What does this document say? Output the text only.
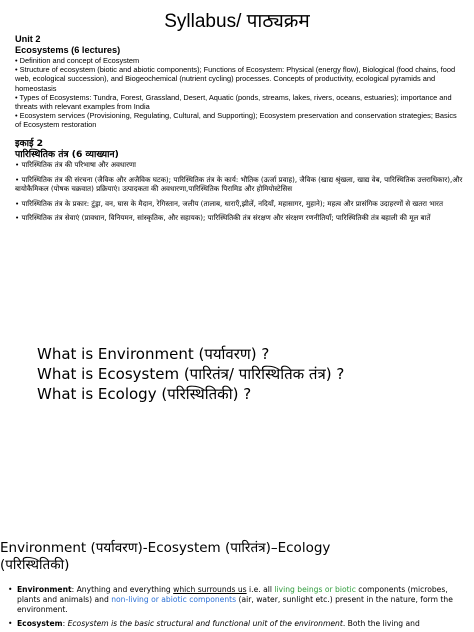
Syllabus/ पाठ्यक्रम

Unit 2

Ecosystems (6 lectures)

• Definition and concept of Ecosystem

• Structure of ecosystem (biotic and abiotic components); Functions of Ecosystem: Physical (energy flow), Biological (food chains, food web, ecological succession), and Biogeochemical (nutrient cycling) processes. Concepts of productivity, ecological pyramids and homeostasis

• Types of Ecosystems: Tundra, Forest, Grassland, Desert, Aquatic (ponds, streams, lakes, rivers, oceans, estuaries); importance and threats with relevant examples from India

• Ecosystem services (Provisioning, Regulating, Cultural, and Supporting); Ecosystem preservation and conservation strategies; Basics of Ecosystem restoration

इकाई 2

पारिस्थितिक तंत्र (6 व्याख्यान)

• पारिस्थितिक तंत्र की परिभाषा और अवधारणा

• पारिस्थितिक तंत्र की संरचना (जैविक और अजैविक घटक); पारिस्थितिक तंत्र के कार्य: भौतिक (ऊर्जा प्रवाह), जैविक (खाद्य श्रृंखला, खाद्य वेब, पारिस्थितिक उत्तराधिकार),और बायोकैमिकल (पोषक चक्रवात) प्रक्रियाएं। उत्पादकता की अवधारणा,पारिस्थितिक पिरामिड और होमियोस्टेसिस

• पारिस्थितिक तंत्र के प्रकार: टुंड्रा, वन, घास के मैदान, रेगिस्तान, जलीय (तालाब, धाराएँ,झीलें, नदियाँ, महासागर, मुहाने); महत्व और प्रासंगिक उदाहरणों से खतरा भारत

• पारिस्थितिक तंत्र सेवाएं (प्रावधान, विनियमन, सांस्कृतिक, और सहायक); पारिस्थितिकी तंत्र संरक्षण और संरक्षण रणनीतियाँ; पारिस्थितिकी तंत्र बहाली की मूल बातें

What is Environment (पर्यावरण) ?
What is Ecosystem (पारितंत्र/ पारिस्थितिक तंत्र) ?
What is Ecology (परिस्थितिकी) ?
Environment (पर्यावरण)-Ecosystem (पारितंत्र)–Ecology
(परिस्थितिकी)
• Environment: Anything and everything which surrounds us i.e. all living beings or biotic components (microbes, plants and animals) and non-living or abiotic components (air, water, sunlight etc.) present in the nature, form the environment.
• Ecosystem: Ecosystem is the basic structural and functional unit of the environment. Both the living and
